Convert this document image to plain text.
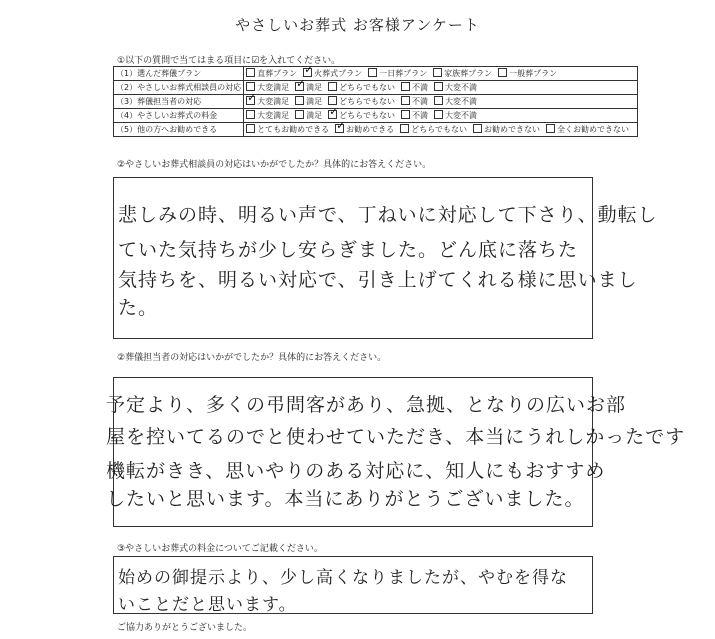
やさしいお葬式 お客様アンケート
①以下の質問で当てはまる項目に☑を入れてください。
（1）選んだ葬儀プラン	直葬プラン ✓ 火葬式プラン 一日葬プラン 家族葬プラン 一般葬プラン
（2）やさしいお葬式相談員の対応	大変満足 ✓ 満足 どちらでもない 不満 大変不満
（3）葬儀担当者の対応	✓大変満足 満足 どちらでもない 不満 大変不満
（4）やさしいお葬式の料金	大変満足 満足 ✓ どちらでもない 不満 大変不満
（5）他の方へお勧めできる	とてもお勧めできる ✓ お勧めできる どちらでもない お勧めできない 全くお勧めできない
②やさしいお葬式相談員の対応はいかがでしたか？具体的にお答えください。
悲しみの時、明るい声で、丁ねいに対応して下さり、動転し
ていた気持ちが少し安らぎました。どん底に落ちた
気持ちを、明るい対応で、引き上げてくれる様に思いまし
た。
②葬儀担当者の対応はいかがでしたか？具体的にお答えください。
予定より、多くの弔問客があり、急拠、となりの広いお部
屋を控いてるのでと使わせていただき、本当にうれしかったです
機転がきき、思いやりのある対応に、知人にもおすすめ
したいと思います。本当にありがとうございました。
③やさしいお葬式の料金についてご記載ください。
始めの御提示より、少し高くなりましたが、やむを得な
いことだと思います。
ご協力ありがとうございました。
